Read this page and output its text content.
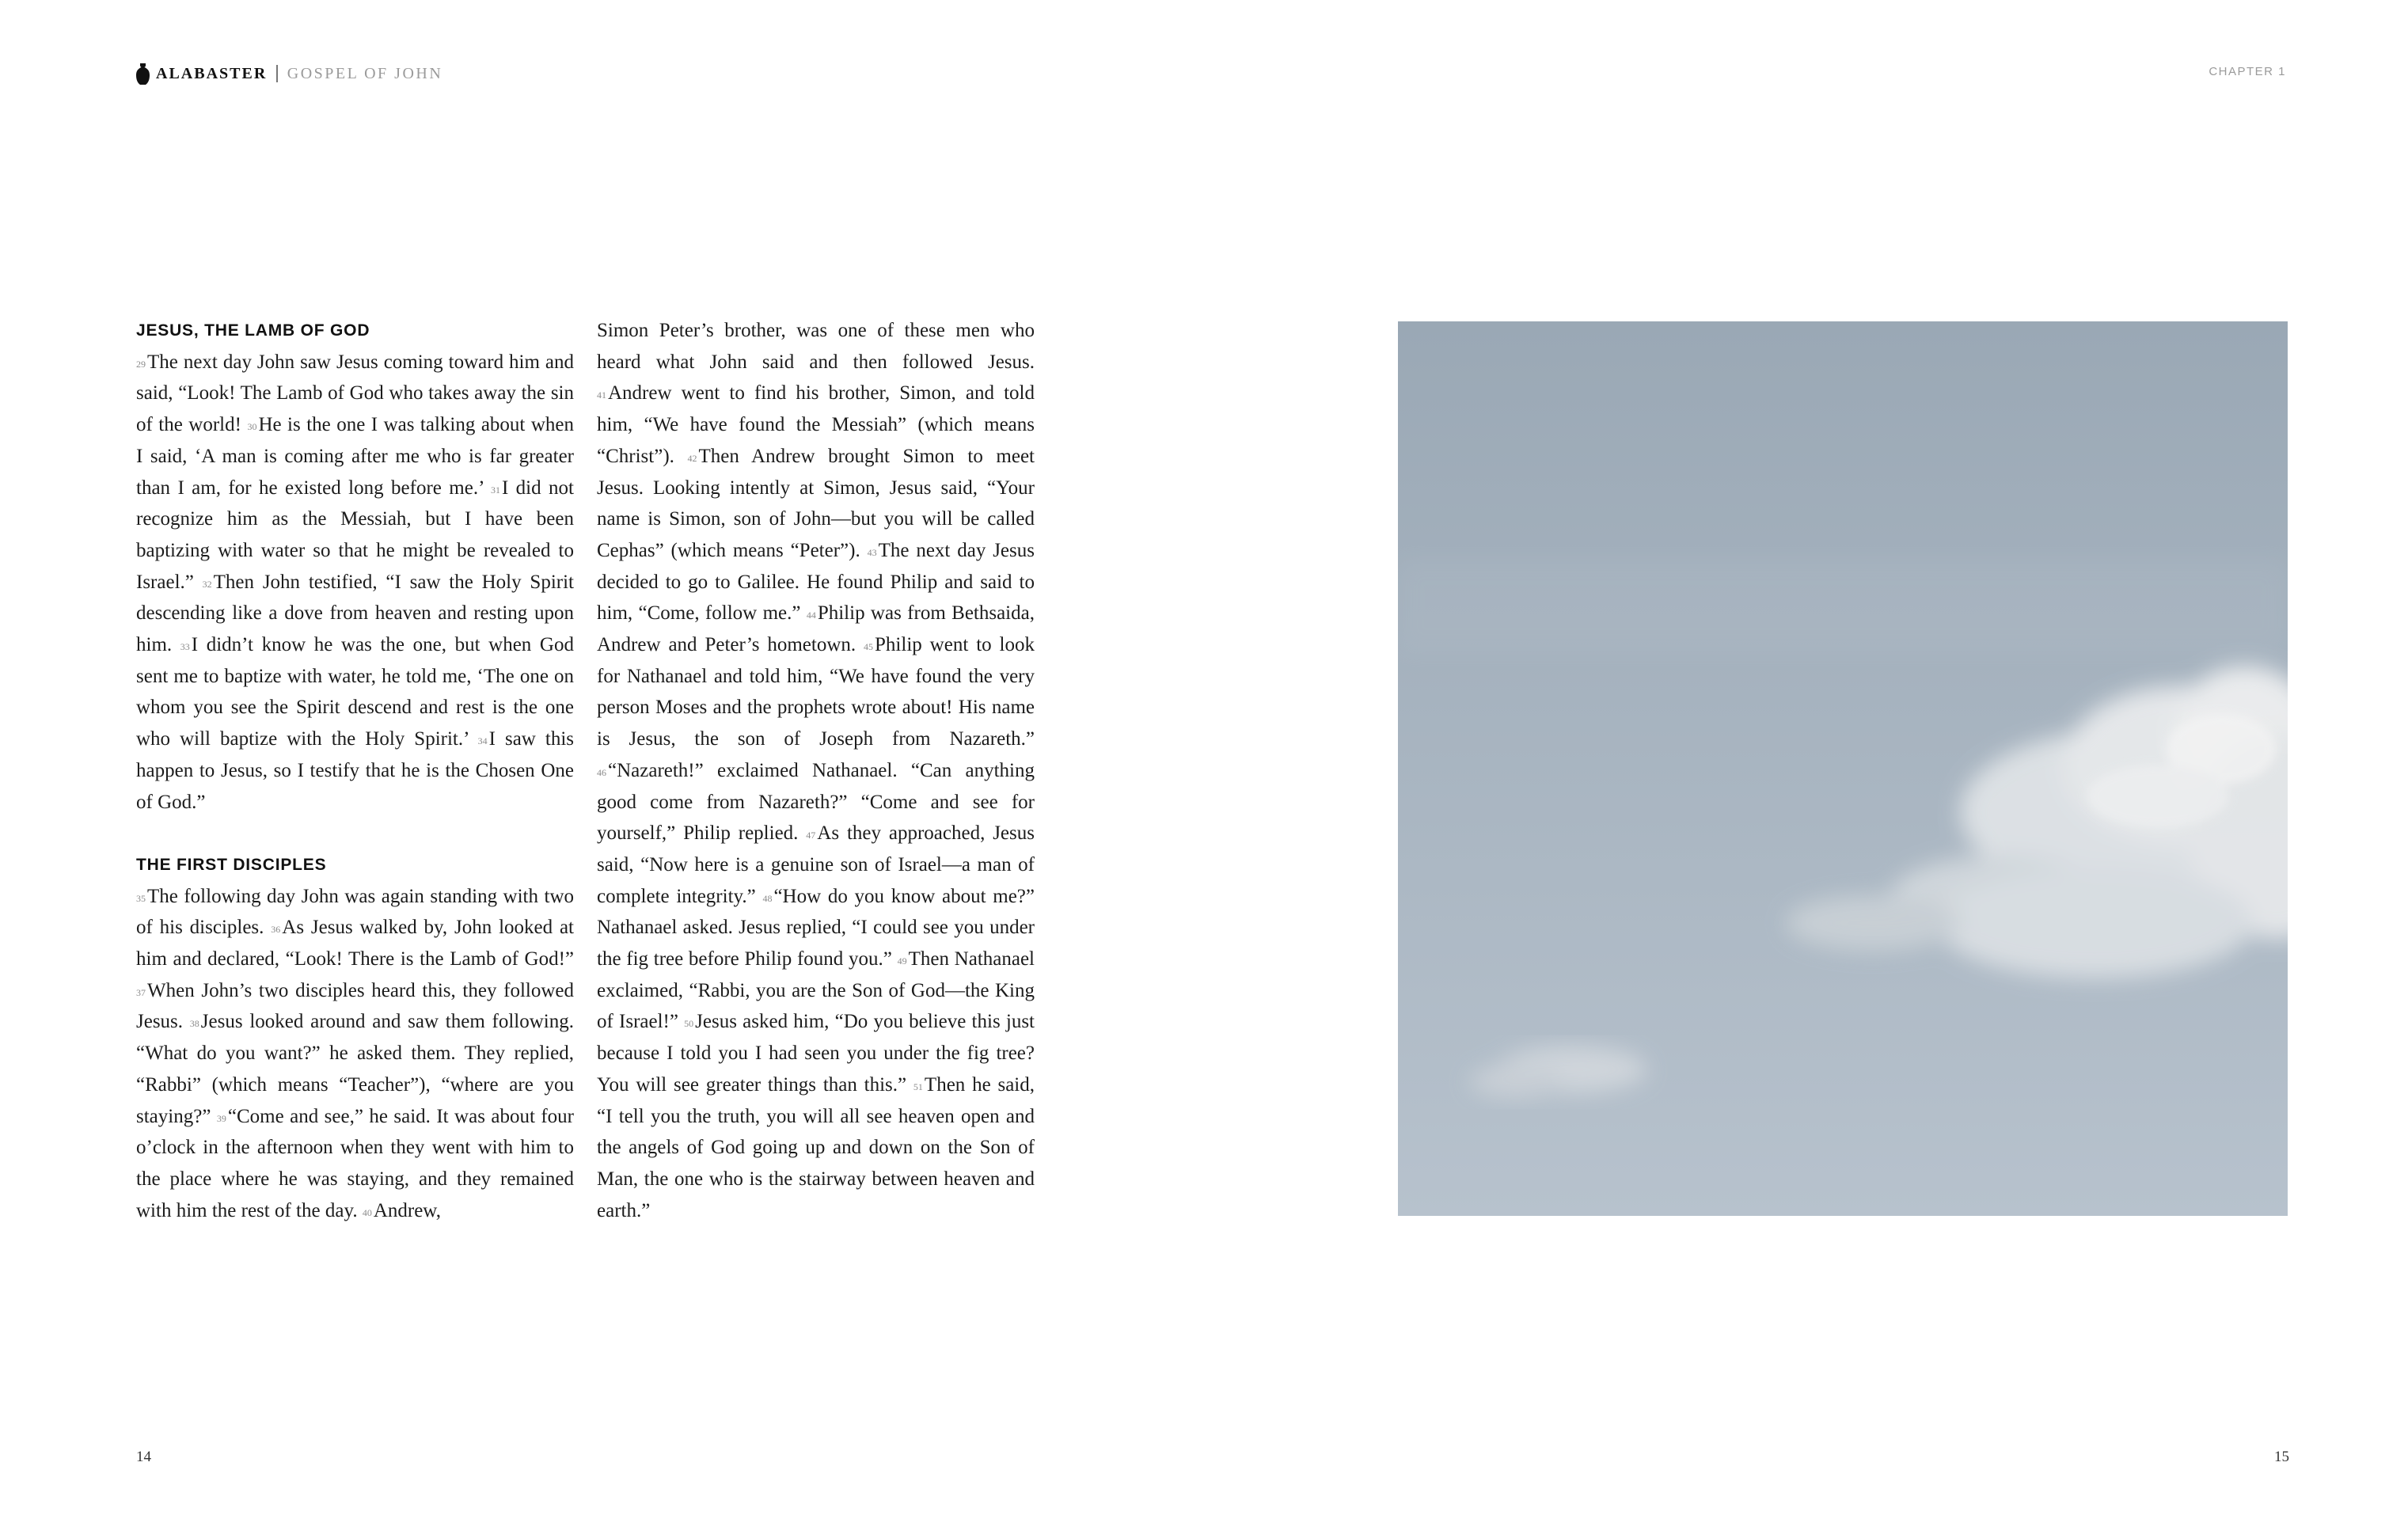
ALABASTER GOSPEL OF JOHN	CHAPTER 1
JESUS, THE LAMB OF GOD

$^{29}$The next day John saw Jesus coming toward him and said, “Look! The Lamb of God who takes away the sin of the world! $^{30}$He is the one I was talking about when I said, ‘A man is coming after me who is far greater than I am, for he existed long before me.’ $^{31}$I did not recognize him as the Messiah, but I have been baptizing with water so that he might be revealed to Israel.” $^{32}$Then John testified, “I saw the Holy Spirit descending like a dove from heaven and resting upon him. $^{33}$I didn’t know he was the one, but when God sent me to baptize with water, he told me, ‘The one on whom you see the Spirit descend and rest is the one who will baptize with the Holy Spirit.’ $^{34}$I saw this happen to Jesus, so I testify that he is the Chosen One of God.”

THE FIRST DISCIPLES

$^{35}$The following day John was again standing with two of his disciples. $^{36}$As Jesus walked by, John looked at him and declared, “Look! There is the Lamb of God!” $^{37}$When John’s two disciples heard this, they followed Jesus. $^{38}$Jesus looked around and saw them following. “What do you want?” he asked them. They replied, “Rabbi” (which means “Teacher”), “where are you staying?” $^{39}$“Come and see,” he said. It was about four o’clock in the afternoon when they went with him to the place where he was staying, and they remained with him the rest of the day. $^{40}$Andrew,

Simon Peter’s brother, was one of these men who heard what John said and then followed Jesus. $^{41}$Andrew went to find his brother, Simon, and told him, “We have found the Messiah” (which means “Christ”). $^{42}$Then Andrew brought Simon to meet Jesus. Looking intently at Simon, Jesus said, “Your name is Simon, son of John—but you will be called Cephas” (which means “Peter”). $^{43}$The next day Jesus decided to go to Galilee. He found Philip and said to him, “Come, follow me.” $^{44}$Philip was from Bethsaida, Andrew and Peter’s hometown. $^{45}$Philip went to look for Nathanael and told him, “We have found the very person Moses and the prophets wrote about! His name is Jesus, the son of Joseph from Nazareth.” $^{46}$“Nazareth!” exclaimed Nathanael. “Can anything good come from Nazareth?” “Come and see for yourself,” Philip replied. $^{47}$As they approached, Jesus said, “Now here is a genuine son of Israel—a man of complete integrity.” $^{48}$“How do you know about me?” Nathanael asked. Jesus replied, “I could see you under the fig tree before Philip found you.” $^{49}$Then Nathanael exclaimed, “Rabbi, you are the Son of God—the King of Israel!” $^{50}$Jesus asked him, “Do you believe this just because I told you I had seen you under the fig tree? You will see greater things than this.” $^{51}$Then he said, “I tell you the truth, you will all see heaven open and the angels of God going up and down on the Son of Man, the one who is the stairway between heaven and earth.”

14	15
